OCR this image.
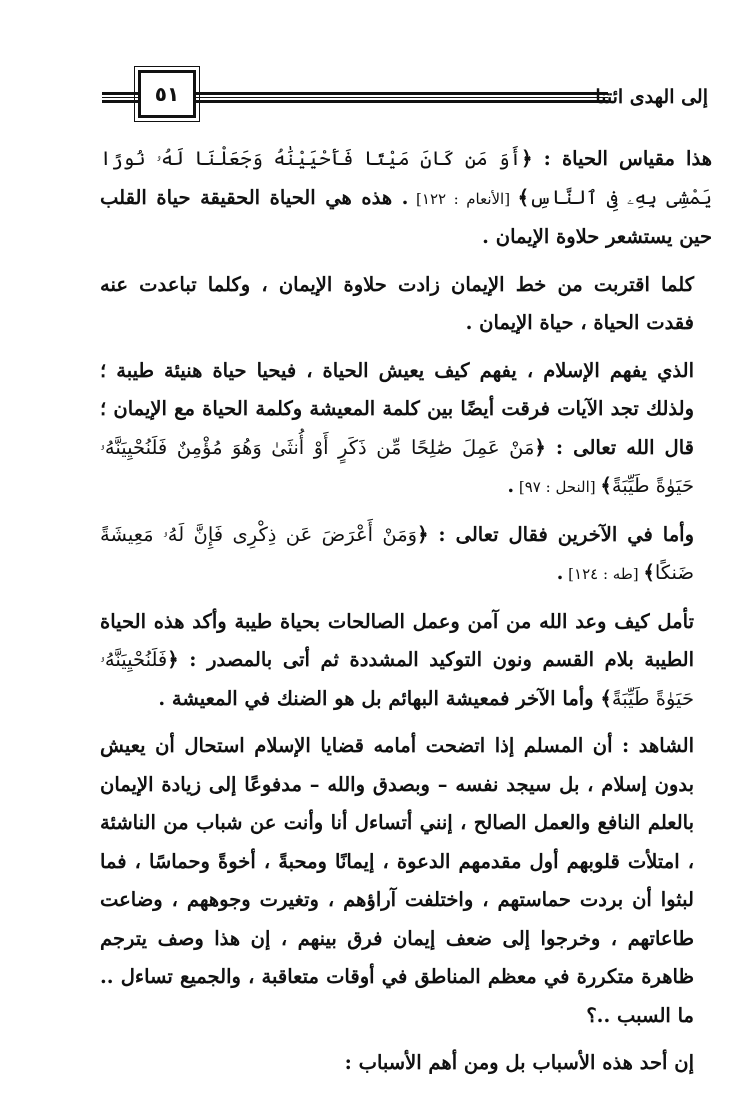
٥١	إلى الهدى ائتنا

هذا مقياس الحياة : ﴿أَوَ مَن كَانَ مَيْتًا فَأَحْيَيْنَٰهُ وَجَعَلْنَا لَهُۥ نُورًا يَمْشِى بِهِۦ فِى ٱلنَّاسِ﴾ [الأنعام : ١٢٢] . هذه هي الحياة الحقيقة حياة القلب حين يستشعر حلاوة الإيمان .

كلما اقتربت من خط الإيمان زادت حلاوة الإيمان ، وكلما تباعدت عنه فقدت الحياة ، حياة الإيمان .

الذي يفهم الإسلام ، يفهم كيف يعيش الحياة ، فيحيا حياة هنيئة طيبة ؛ ولذلك تجد الآيات فرقت أيضًا بين كلمة المعيشة وكلمة الحياة مع الإيمان ؛ قال الله تعالى : ﴿مَنْ عَمِلَ صَٰلِحًا مِّن ذَكَرٍ أَوْ أُنثَىٰ وَهُوَ مُؤْمِنٌ فَلَنُحْيِيَنَّهُۥ حَيَوٰةً طَيِّبَةً﴾ [النحل : ٩٧] .

وأما في الآخرين فقال تعالى : ﴿وَمَنْ أَعْرَضَ عَن ذِكْرِى فَإِنَّ لَهُۥ مَعِيشَةً ضَنكًا﴾ [طه : ١٢٤] .

تأمل كيف وعد الله من آمن وعمل الصالحات بحياة طيبة وأكد هذه الحياة الطيبة بلام القسم ونون التوكيد المشددة ثم أتى بالمصدر : ﴿فَلَنُحْيِيَنَّهُۥ حَيَوٰةً طَيِّبَةً﴾ وأما الآخر فمعيشة البهائم بل هو الضنك في المعيشة .

الشاهد : أن المسلم إذا اتضحت أمامه قضايا الإسلام استحال أن يعيش بدون إسلام ، بل سيجد نفسه – وبصدق والله – مدفوعًا إلى زيادة الإيمان بالعلم النافع والعمل الصالح ، إنني أتساءل أنا وأنت عن شباب من الناشئة ، امتلأت قلوبهم أول مقدمهم الدعوة ، إيمانًا ومحبةً ، أخوةً وحماسًا ، فما لبثوا أن بردت حماستهم ، واختلفت آراؤهم ، وتغيرت وجوههم ، وضاعت طاعاتهم ، وخرجوا إلى ضعف إيمان فرق بينهم ، إن هذا وصف يترجم ظاهرة متكررة في معظم المناطق في أوقات متعاقبة ، والجميع تساءل .. ما السبب ..؟

إن أحد هذه الأسباب بل ومن أهم الأسباب :
